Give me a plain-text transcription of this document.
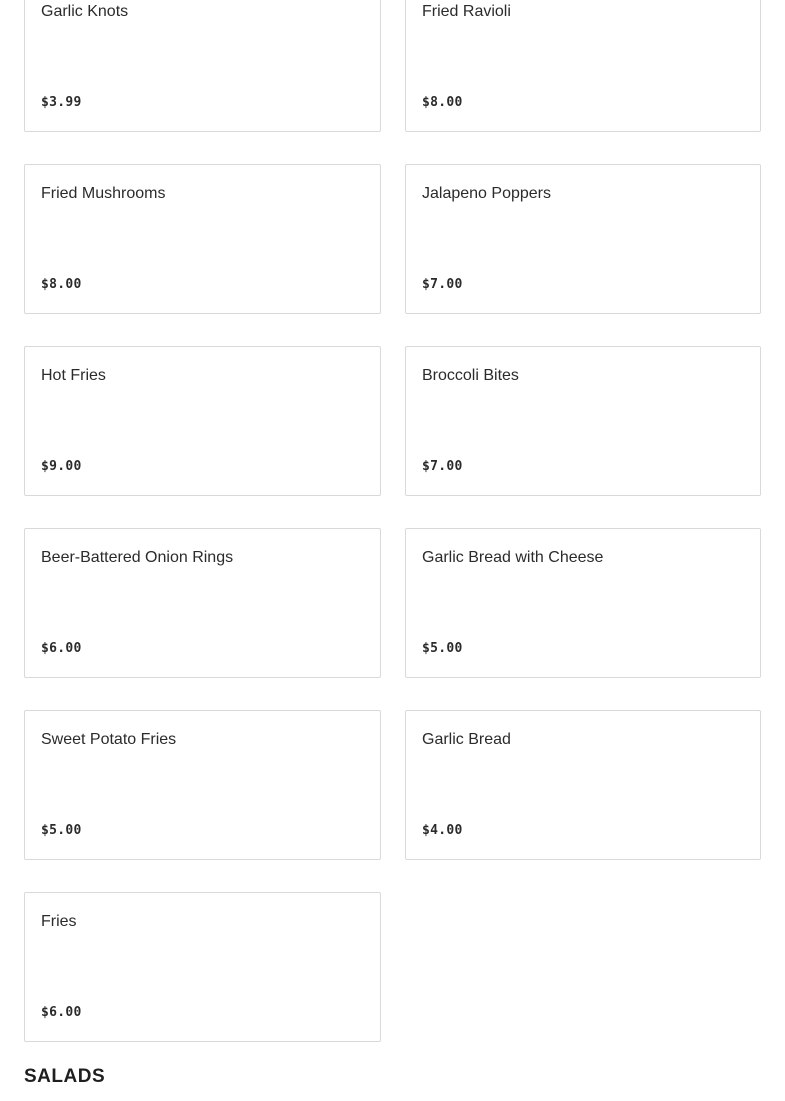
Garlic Knots
$3.99
Fried Ravioli
$8.00
Fried Mushrooms
$8.00
Jalapeno Poppers
$7.00
Hot Fries
$9.00
Broccoli Bites
$7.00
Beer-Battered Onion Rings
$6.00
Garlic Bread with Cheese
$5.00
Sweet Potato Fries
$5.00
Garlic Bread
$4.00
Fries
$6.00
SALADS
